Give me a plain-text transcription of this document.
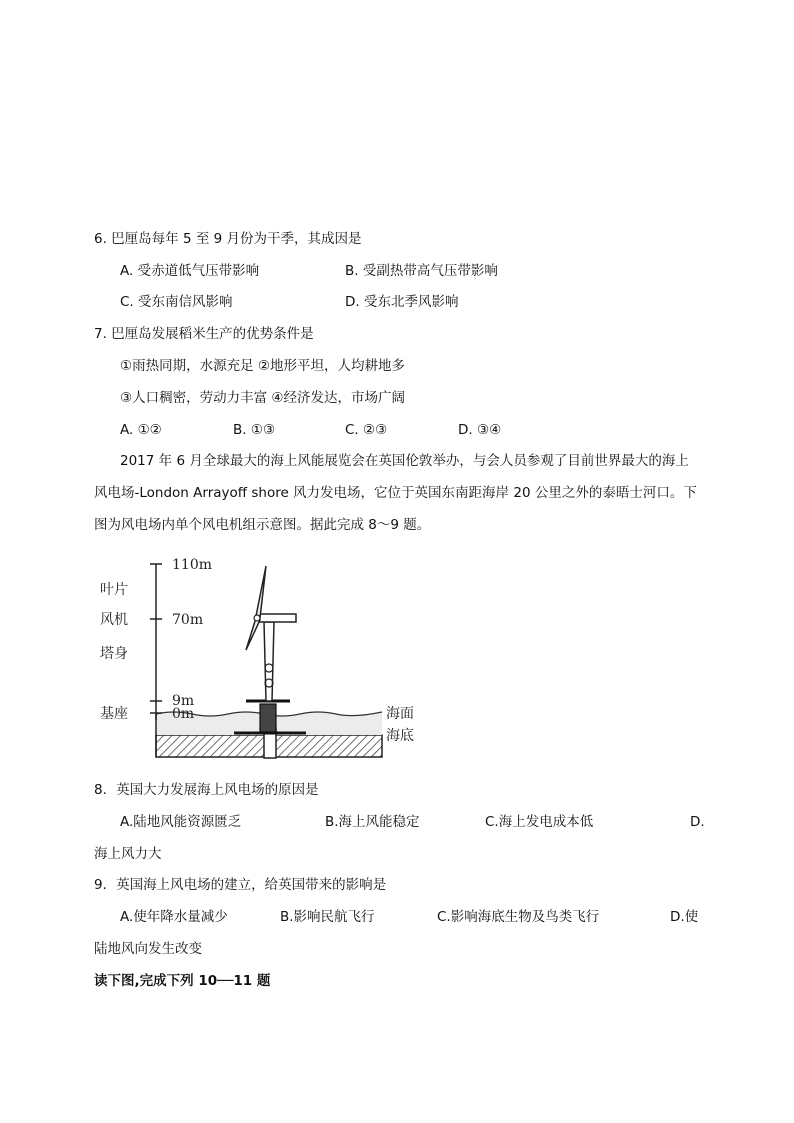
6. 巴厘岛每年 5 至 9 月份为干季，其成因是
A. 受赤道低气压带影响	B. 受副热带高气压带影响
C. 受东南信风影响	D. 受东北季风影响
7. 巴厘岛发展稻米生产的优势条件是
①雨热同期，水源充足 ②地形平坦，人均耕地多
③人口稠密，劳动力丰富 ④经济发达，市场广阔
A. ①②	B. ①③	C. ②③	D. ③④
2017 年 6 月全球最大的海上风能展览会在英国伦敦举办，与会人员参观了目前世界最大的海上
风电场-London Arrayoff shore 风力发电场，它位于英国东南距海岸 20 公里之外的泰晤士河口。下
图为风电场内单个风电机组示意图。据此完成 8～9 题。
110m
70m
9m
0m
叶片
风机
塔身
基座	海面
海底
8．英国大力发展海上风电场的原因是
A.陆地风能资源匮乏	B.海上风能稳定	C.海上发电成本低	D.
海上风力大
9．英国海上风电场的建立，给英国带来的影响是
A.使年降水量减少	B.影响民航飞行	C.影响海底生物及鸟类飞行	D.使
陆地风向发生改变
读下图,完成下列 10──11 题
